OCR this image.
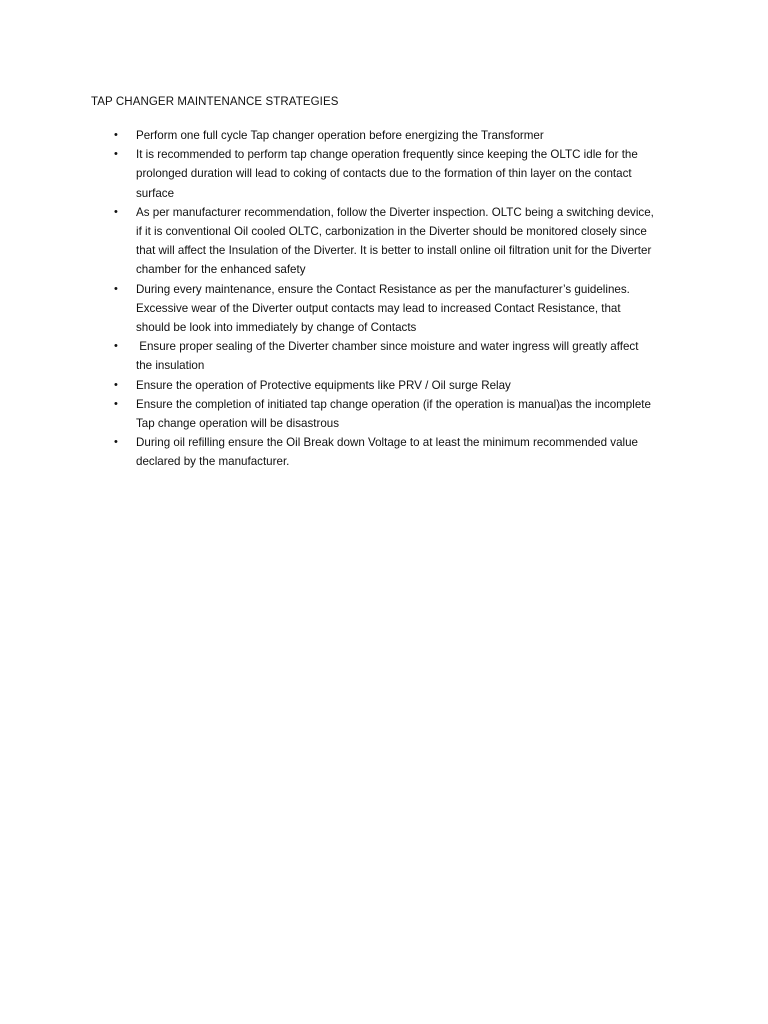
TAP CHANGER MAINTENANCE STRATEGIES
• Perform one full cycle Tap changer operation before energizing the Transformer
• It is recommended to perform tap change operation frequently since keeping the OLTC idle for the prolonged duration will lead to coking of contacts due to the formation of thin layer on the contact surface
• As per manufacturer recommendation, follow the Diverter inspection. OLTC being a switching device, if it is conventional Oil cooled OLTC, carbonization in the Diverter should be monitored closely since that will affect the Insulation of the Diverter. It is better to install online oil filtration unit for the Diverter chamber for the enhanced safety
• During every maintenance, ensure the Contact Resistance as per the manufacturer’s guidelines. Excessive wear of the Diverter output contacts may lead to increased Contact Resistance, that should be look into immediately by change of Contacts
• Ensure proper sealing of the Diverter chamber since moisture and water ingress will greatly affect the insulation
• Ensure the operation of Protective equipments like PRV / Oil surge Relay
• Ensure the completion of initiated tap change operation (if the operation is manual)as the incomplete Tap change operation will be disastrous
• During oil refilling ensure the Oil Break down Voltage to at least the minimum recommended value declared by the manufacturer.
